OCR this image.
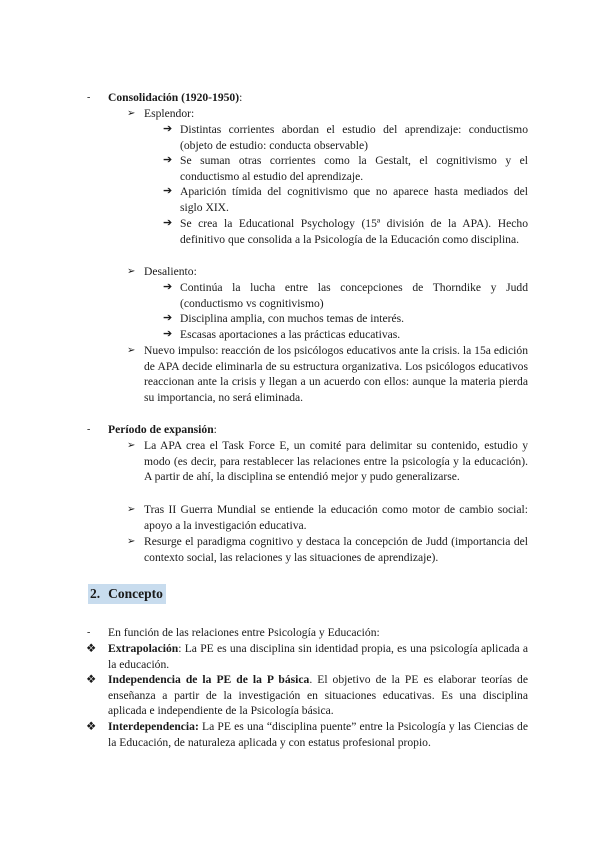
- Consolidación (1920-1950):
➢ Esplendor:
➔ Distintas corrientes abordan el estudio del aprendizaje: conductismo (objeto de estudio: conducta observable)
➔ Se suman otras corrientes como la Gestalt, el cognitivismo y el conductismo al estudio del aprendizaje.
➔ Aparición tímida del cognitivismo que no aparece hasta mediados del siglo XIX.
➔ Se crea la Educational Psychology (15ª división de la APA). Hecho definitivo que consolida a la Psicología de la Educación como disciplina.
➢ Desaliento:
➔ Continúa la lucha entre las concepciones de Thorndike y Judd (conductismo vs cognitivismo)
➔ Disciplina amplia, con muchos temas de interés.
➔ Escasas aportaciones a las prácticas educativas.
➢ Nuevo impulso: reacción de los psicólogos educativos ante la crisis. la 15a edición de APA decide eliminarla de su estructura organizativa. Los psicólogos educativos reaccionan ante la crisis y llegan a un acuerdo con ellos: aunque la materia pierda su importancia, no será eliminada.
- Período de expansión:
➢ La APA crea el Task Force E, un comité para delimitar su contenido, estudio y modo (es decir, para restablecer las relaciones entre la psicología y la educación). A partir de ahí, la disciplina se entendió mejor y pudo generalizarse.
➢ Tras II Guerra Mundial se entiende la educación como motor de cambio social: apoyo a la investigación educativa.
➢ Resurge el paradigma cognitivo y destaca la concepción de Judd (importancia del contexto social, las relaciones y las situaciones de aprendizaje).
2. Concepto
- En función de las relaciones entre Psicología y Educación:
❖ Extrapolación: La PE es una disciplina sin identidad propia, es una psicología aplicada a la educación.
❖ Independencia de la PE de la P básica. El objetivo de la PE es elaborar teorías de enseñanza a partir de la investigación en situaciones educativas. Es una disciplina aplicada e independiente de la Psicología básica.
❖ Interdependencia: La PE es una “disciplina puente” entre la Psicología y las Ciencias de la Educación, de naturaleza aplicada y con estatus profesional propio.
